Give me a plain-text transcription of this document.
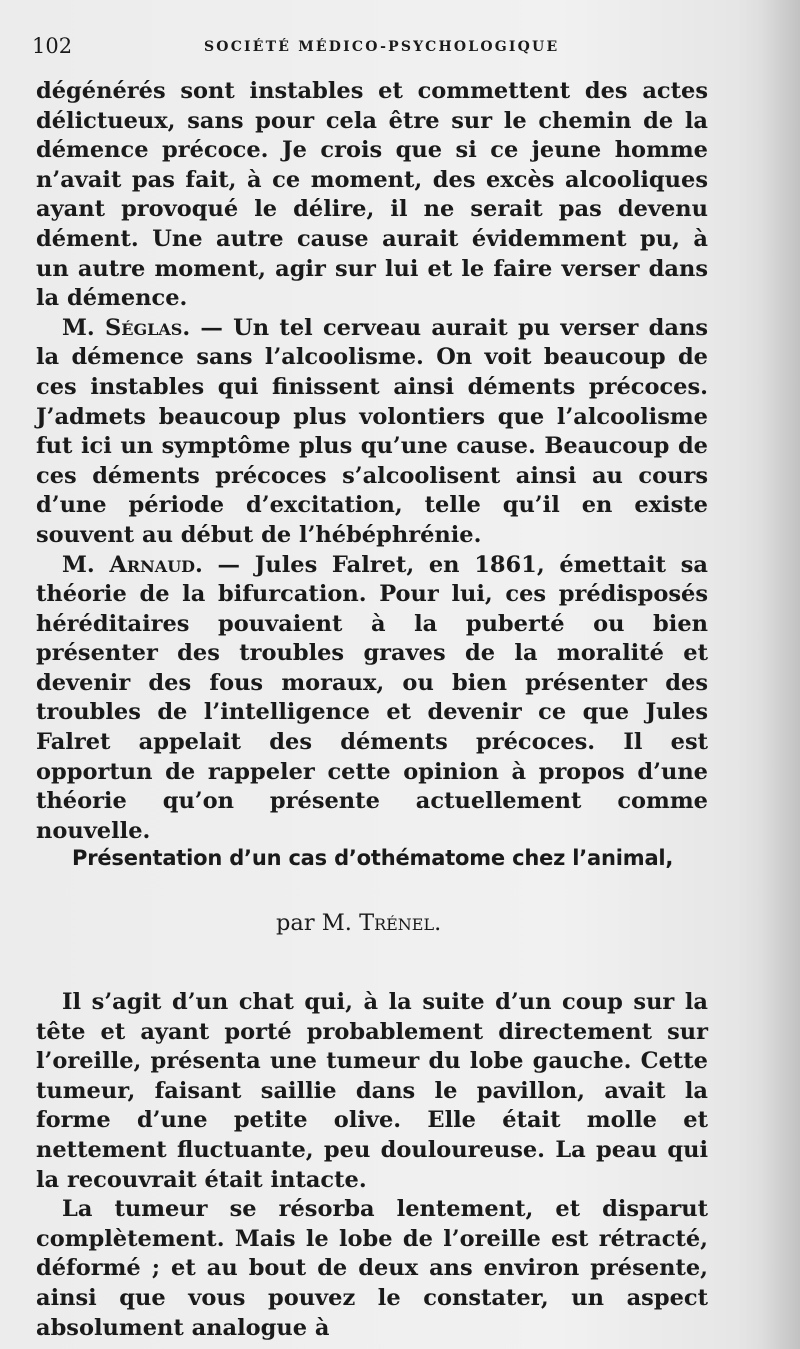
102	SOCIÉTÉ MÉDICO-PSYCHOLOGIQUE

dégénérés sont instables et commettent des actes délictueux, sans pour cela être sur le chemin de la démence précoce. Je crois que si ce jeune homme n’avait pas fait, à ce moment, des excès alcooliques ayant provoqué le délire, il ne serait pas devenu dément. Une autre cause aurait évidemment pu, à un autre moment, agir sur lui et le faire verser dans la démence.

M. Séglas. — Un tel cerveau aurait pu verser dans la démence sans l’alcoolisme. On voit beaucoup de ces instables qui finissent ainsi déments précoces. J’admets beaucoup plus volontiers que l’alcoolisme fut ici un symptôme plus qu’une cause. Beaucoup de ces déments précoces s’alcoolisent ainsi au cours d’une période d’excitation, telle qu’il en existe souvent au début de l’hébéphrénie.

M. Arnaud. — Jules Falret, en 1861, émettait sa théorie de la bifurcation. Pour lui, ces prédisposés héréditaires pouvaient à la puberté ou bien présenter des troubles graves de la moralité et devenir des fous moraux, ou bien présenter des troubles de l’intelligence et devenir ce que Jules Falret appelait des déments précoces. Il est opportun de rappeler cette opinion à propos d’une théorie qu’on présente actuellement comme nouvelle.

Présentation d’un cas d’othématome chez l’animal,
par M. Trénel.

Il s’agit d’un chat qui, à la suite d’un coup sur la tête et ayant porté probablement directement sur l’oreille, présenta une tumeur du lobe gauche. Cette tumeur, faisant saillie dans le pavillon, avait la forme d’une petite olive. Elle était molle et nettement fluctuante, peu douloureuse. La peau qui la recouvrait était intacte.

La tumeur se résorba lentement, et disparut complètement. Mais le lobe de l’oreille est rétracté, déformé ; et au bout de deux ans environ présente, ainsi que vous pouvez le constater, un aspect absolument analogue à
